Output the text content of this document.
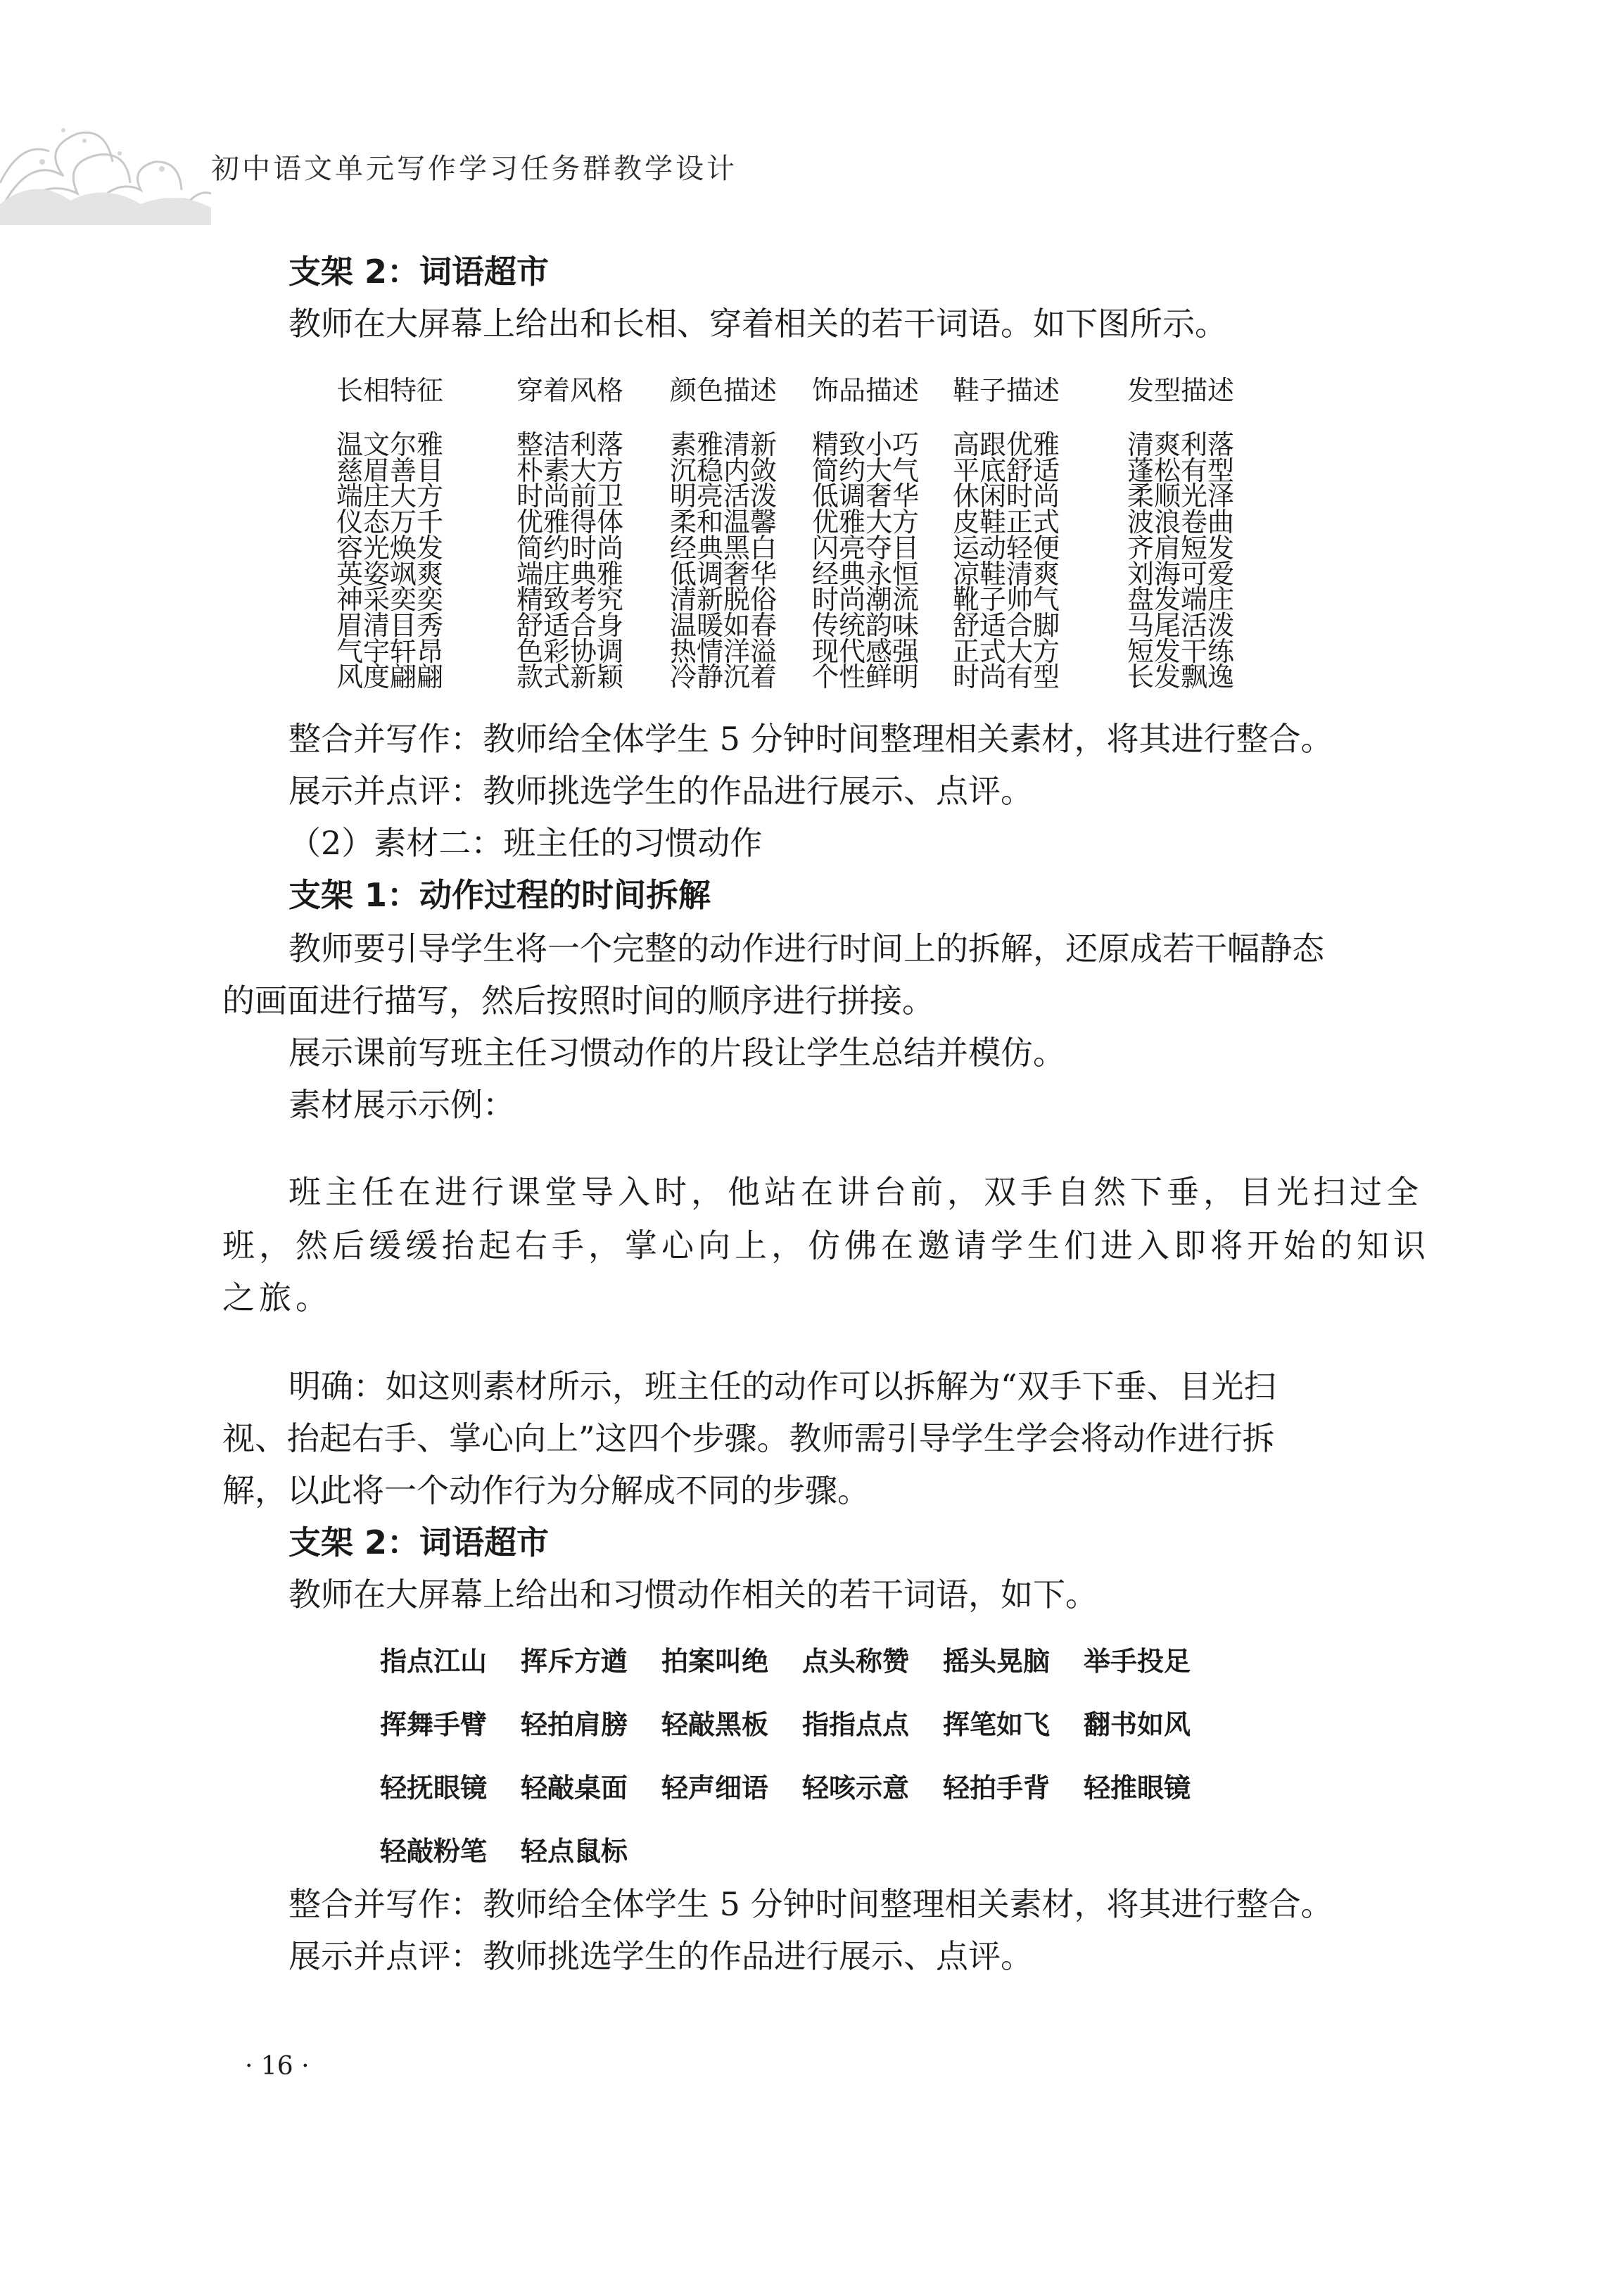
初中语文单元写作学习任务群教学设计
支架 2：词语超市
教师在大屏幕上给出和长相、穿着相关的若干词语。如下图所示。
长相特征
温文尔雅
慈眉善目
端庄大方
仪态万千
容光焕发
英姿飒爽
神采奕奕
眉清目秀
气宇轩昂
风度翩翩
穿着风格
整洁利落
朴素大方
时尚前卫
优雅得体
简约时尚
端庄典雅
精致考究
舒适合身
色彩协调
款式新颖
颜色描述
素雅清新
沉稳内敛
明亮活泼
柔和温馨
经典黑白
低调奢华
清新脱俗
温暖如春
热情洋溢
冷静沉着
饰品描述
精致小巧
简约大气
低调奢华
优雅大方
闪亮夺目
经典永恒
时尚潮流
传统韵味
现代感强
个性鲜明
鞋子描述
高跟优雅
平底舒适
休闲时尚
皮鞋正式
运动轻便
凉鞋清爽
靴子帅气
舒适合脚
正式大方
时尚有型
发型描述
清爽利落
蓬松有型
柔顺光泽
波浪卷曲
齐肩短发
刘海可爱
盘发端庄
马尾活泼
短发干练
长发飘逸
整合并写作：教师给全体学生 5 分钟时间整理相关素材，将其进行整合。
展示并点评：教师挑选学生的作品进行展示、点评。
（2）素材二：班主任的习惯动作
支架 1：动作过程的时间拆解
教师要引导学生将一个完整的动作进行时间上的拆解，还原成若干幅静态
的画面进行描写，然后按照时间的顺序进行拼接。
展示课前写班主任习惯动作的片段让学生总结并模仿。
素材展示示例：
班主任在进行课堂导入时，他站在讲台前，双手自然下垂，目光扫过全
班，然后缓缓抬起右手，掌心向上，仿佛在邀请学生们进入即将开始的知识
之旅。
明确：如这则素材所示，班主任的动作可以拆解为“双手下垂、目光扫
视、抬起右手、掌心向上”这四个步骤。教师需引导学生学会将动作进行拆
解，以此将一个动作行为分解成不同的步骤。
支架 2：词语超市
教师在大屏幕上给出和习惯动作相关的若干词语，如下。
指点江山 挥斥方遒 拍案叫绝 点头称赞 摇头晃脑 举手投足
挥舞手臂 轻拍肩膀 轻敲黑板 指指点点 挥笔如飞 翻书如风
轻抚眼镜 轻敲桌面 轻声细语 轻咳示意 轻拍手背 轻推眼镜
轻敲粉笔 轻点鼠标
整合并写作：教师给全体学生 5 分钟时间整理相关素材，将其进行整合。
展示并点评：教师挑选学生的作品进行展示、点评。
· 16 ·
